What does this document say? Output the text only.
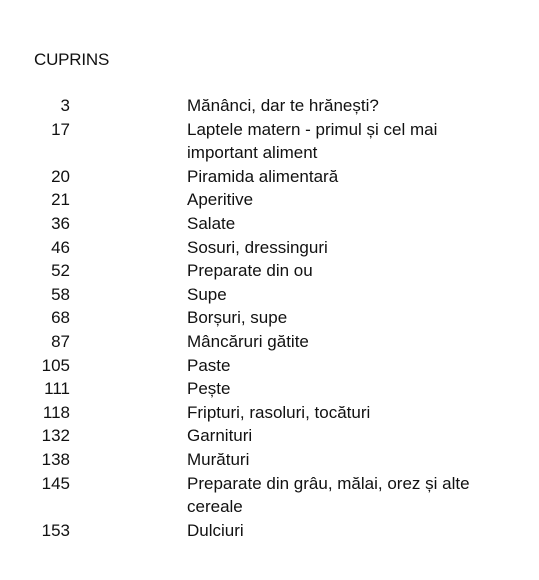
CUPRINS
3	Mănânci, dar te hrănești?
17	Laptele matern - primul și cel mai important aliment
20	Piramida alimentară
21	Aperitive
36	Salate
46	Sosuri, dressinguri
52	Preparate din ou
58	Supe
68	Borșuri, supe
87	Mâncăruri gătite
105	Paste
111	Pește
118	Fripturi, rasoluri, tocături
132	Garnituri
138	Murături
145	Preparate din grâu, mălai, orez și alte cereale
153	Dulciuri
